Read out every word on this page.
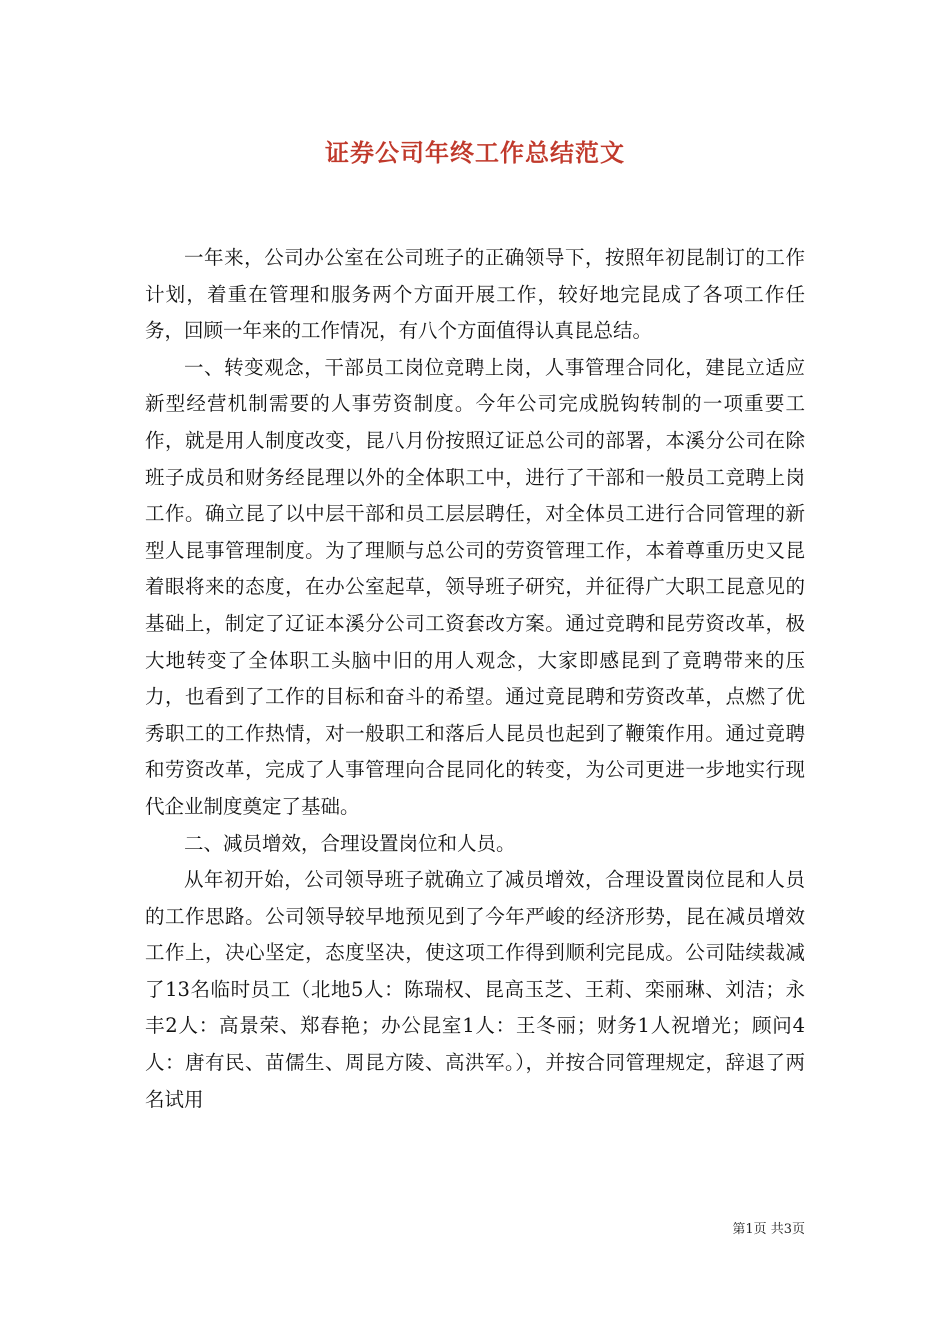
证券公司年终工作总结范文

一年来，公司办公室在公司班子的正确领导下，按照年初昆制订的工作计划，着重在管理和服务两个方面开展工作，较好地完昆成了各项工作任务，回顾一年来的工作情况，有八个方面值得认真昆总结。

一、转变观念，干部员工岗位竞聘上岗，人事管理合同化，建昆立适应新型经营机制需要的人事劳资制度。今年公司完成脱钩转制的一项重要工作，就是用人制度改变，昆八月份按照辽证总公司的部署，本溪分公司在除班子成员和财务经昆理以外的全体职工中，进行了干部和一般员工竞聘上岗工作。确立昆了以中层干部和员工层层聘任，对全体员工进行合同管理的新型人昆事管理制度。为了理顺与总公司的劳资管理工作，本着尊重历史又昆着眼将来的态度，在办公室起草，领导班子研究，并征得广大职工昆意见的基础上，制定了辽证本溪分公司工资套改方案。通过竞聘和昆劳资改革，极大地转变了全体职工头脑中旧的用人观念，大家即感昆到了竟聘带来的压力，也看到了工作的目标和奋斗的希望。通过竟昆聘和劳资改革，点燃了优秀职工的工作热情，对一般职工和落后人昆员也起到了鞭策作用。通过竟聘和劳资改革，完成了人事管理向合昆同化的转变，为公司更进一步地实行现代企业制度奠定了基础。

二、减员增效，合理设置岗位和人员。

从年初开始，公司领导班子就确立了减员增效，合理设置岗位昆和人员的工作思路。公司领导较早地预见到了今年严峻的经济形势，昆在减员增效工作上，决心坚定，态度坚决，使这项工作得到顺利完昆成。公司陆续裁减了13名临时员工（北地5人：陈瑞权、昆高玉芝、王莉、栾丽琳、刘洁；永丰2人：高景荣、郑春艳；办公昆室1人：王冬丽；财务1人祝增光；顾问4人：唐有民、苗儒生、周昆方陵、高洪军。），并按合同管理规定，辞退了两名试用

第1页 共3页
